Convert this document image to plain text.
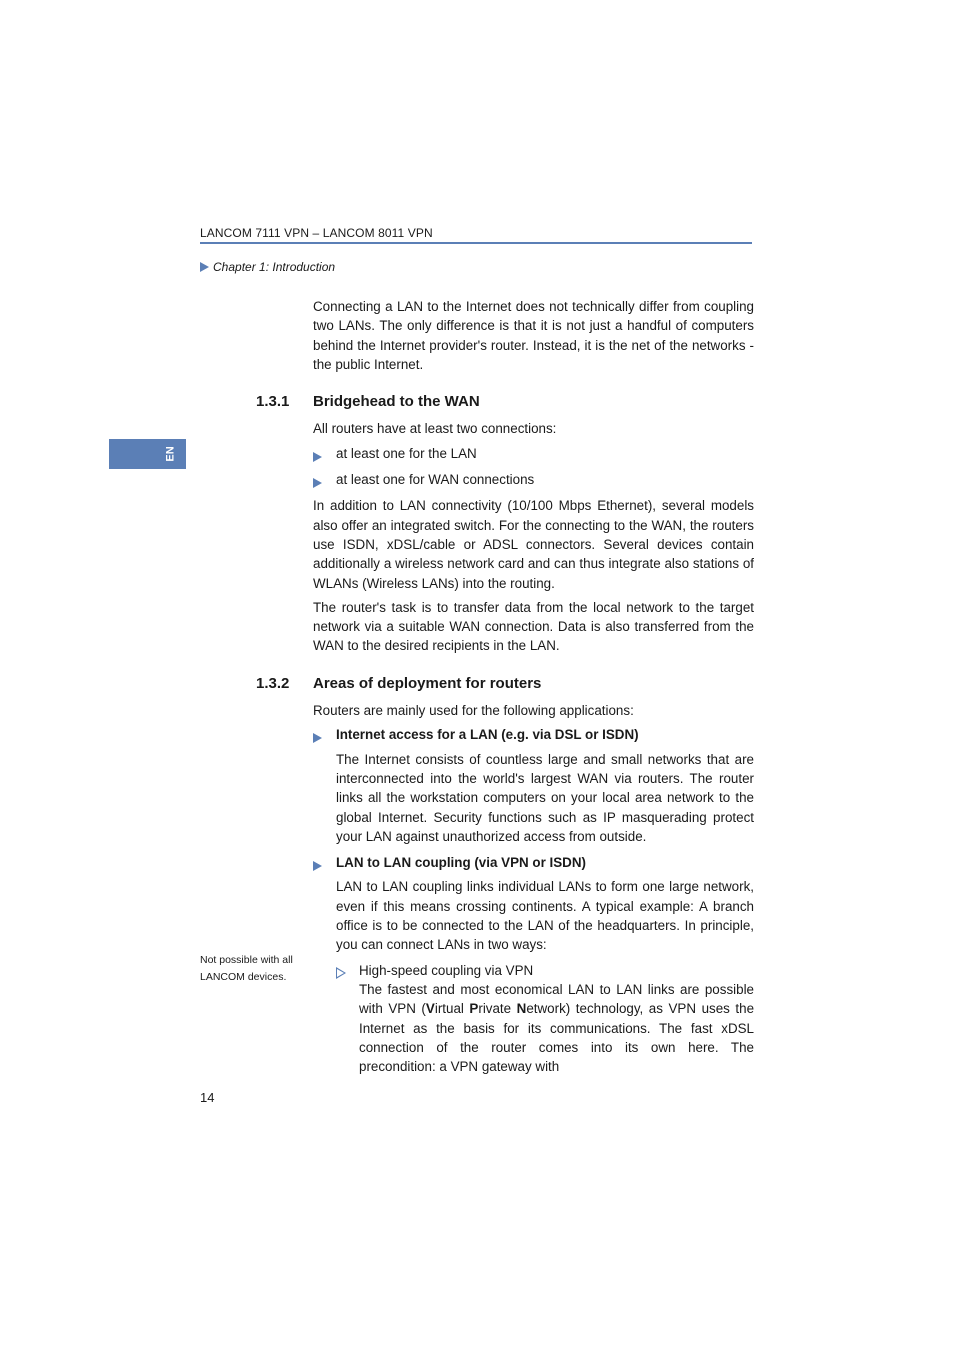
LANCOM 7111 VPN – LANCOM 8011 VPN
Chapter 1: Introduction
EN

Connecting a LAN to the Internet does not technically differ from coupling two LANs. The only difference is that it is not just a handful of computers behind the Internet provider's router. Instead, it is the net of the networks - the public Internet.

1.3.1 Bridgehead to the WAN

All routers have at least two connections:

at least one for the LAN
at least one for WAN connections

In addition to LAN connectivity (10/100 Mbps Ethernet), several models also offer an integrated switch. For the connecting to the WAN, the routers use ISDN, xDSL/cable or ADSL connectors. Several devices contain additionally a wireless network card and can thus integrate also stations of WLANs (Wireless LANs) into the routing.

The router's task is to transfer data from the local network to the target network via a suitable WAN connection. Data is also transferred from the WAN to the desired recipients in the LAN.

1.3.2 Areas of deployment for routers

Routers are mainly used for the following applications:

Internet access for a LAN (e.g. via DSL or ISDN)

The Internet consists of countless large and small networks that are interconnected into the world's largest WAN via routers. The router links all the workstation computers on your local area network to the global Internet. Security functions such as IP masquerading protect your LAN against unauthorized access from outside.

LAN to LAN coupling (via VPN or ISDN)

LAN to LAN coupling links individual LANs to form one large network, even if this means crossing continents. A typical example: A branch office is to be connected to the LAN of the headquarters. In principle, you can connect LANs in two ways:

High-speed coupling via VPN

The fastest and most economical LAN to LAN links are possible with VPN (Virtual Private Network) technology, as VPN uses the Internet as the basis for its communications. The fast xDSL connection of the router comes into its own here. The precondition: a VPN gateway with

Not possible with all LANCOM devices.
14
